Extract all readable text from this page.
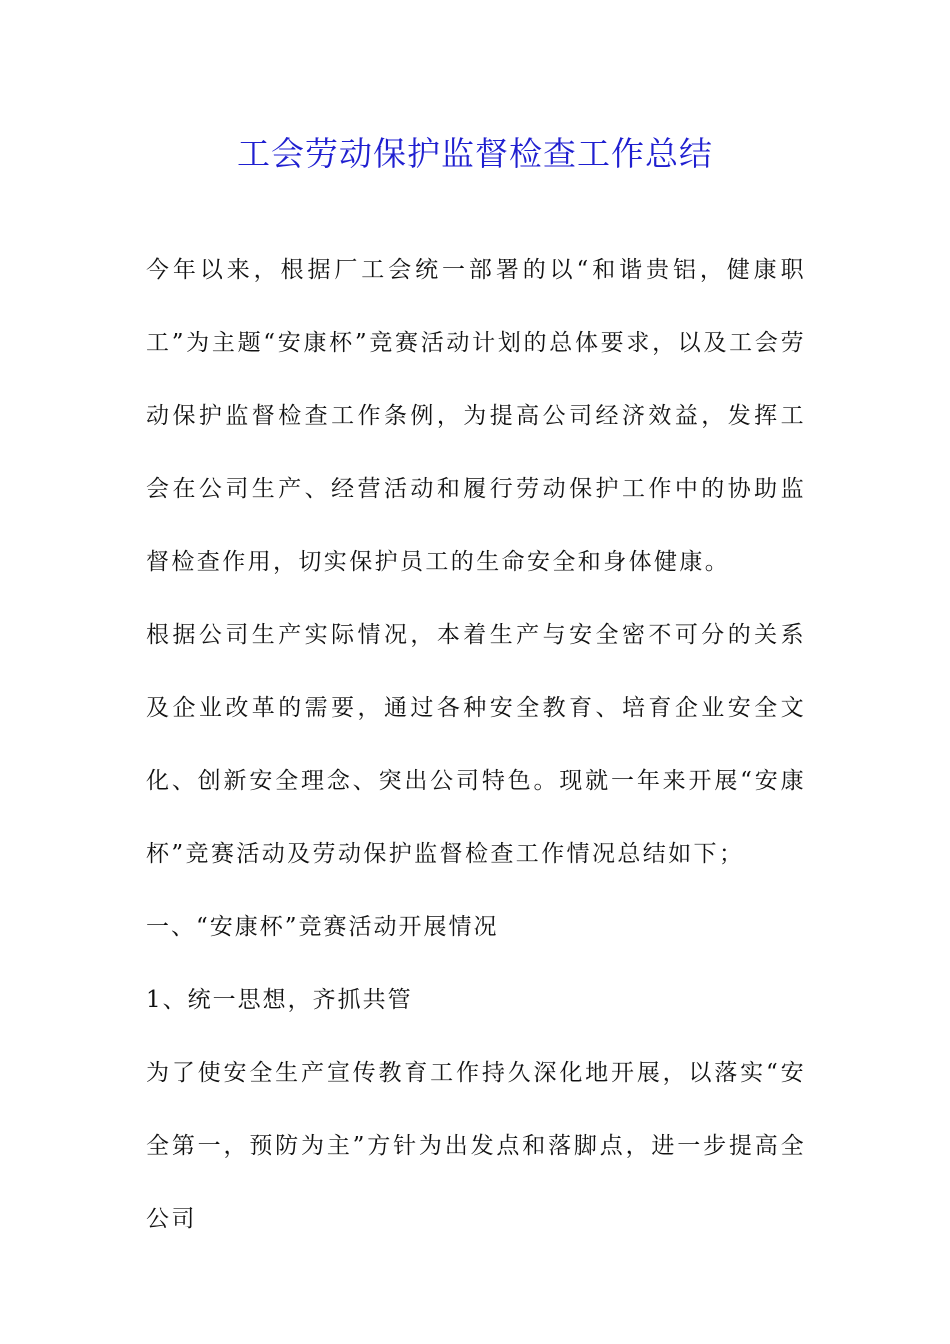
工会劳动保护监督检查工作总结

今年以来，根据厂工会统一部署的以“和谐贵铝，健康职工”为主题“安康杯”竞赛活动计划的总体要求，以及工会劳动保护监督检查工作条例，为提高公司经济效益，发挥工会在公司生产、经营活动和履行劳动保护工作中的协助监督检查作用，切实保护员工的生命安全和身体健康。

根据公司生产实际情况，本着生产与安全密不可分的关系及企业改革的需要，通过各种安全教育、培育企业安全文化、创新安全理念、突出公司特色。现就一年来开展“安康杯”竞赛活动及劳动保护监督检查工作情况总结如下；

一、“安康杯”竞赛活动开展情况

1、统一思想，齐抓共管

为了使安全生产宣传教育工作持久深化地开展，以落实“安全第一，预防为主”方针为出发点和落脚点，进一步提高全公司
